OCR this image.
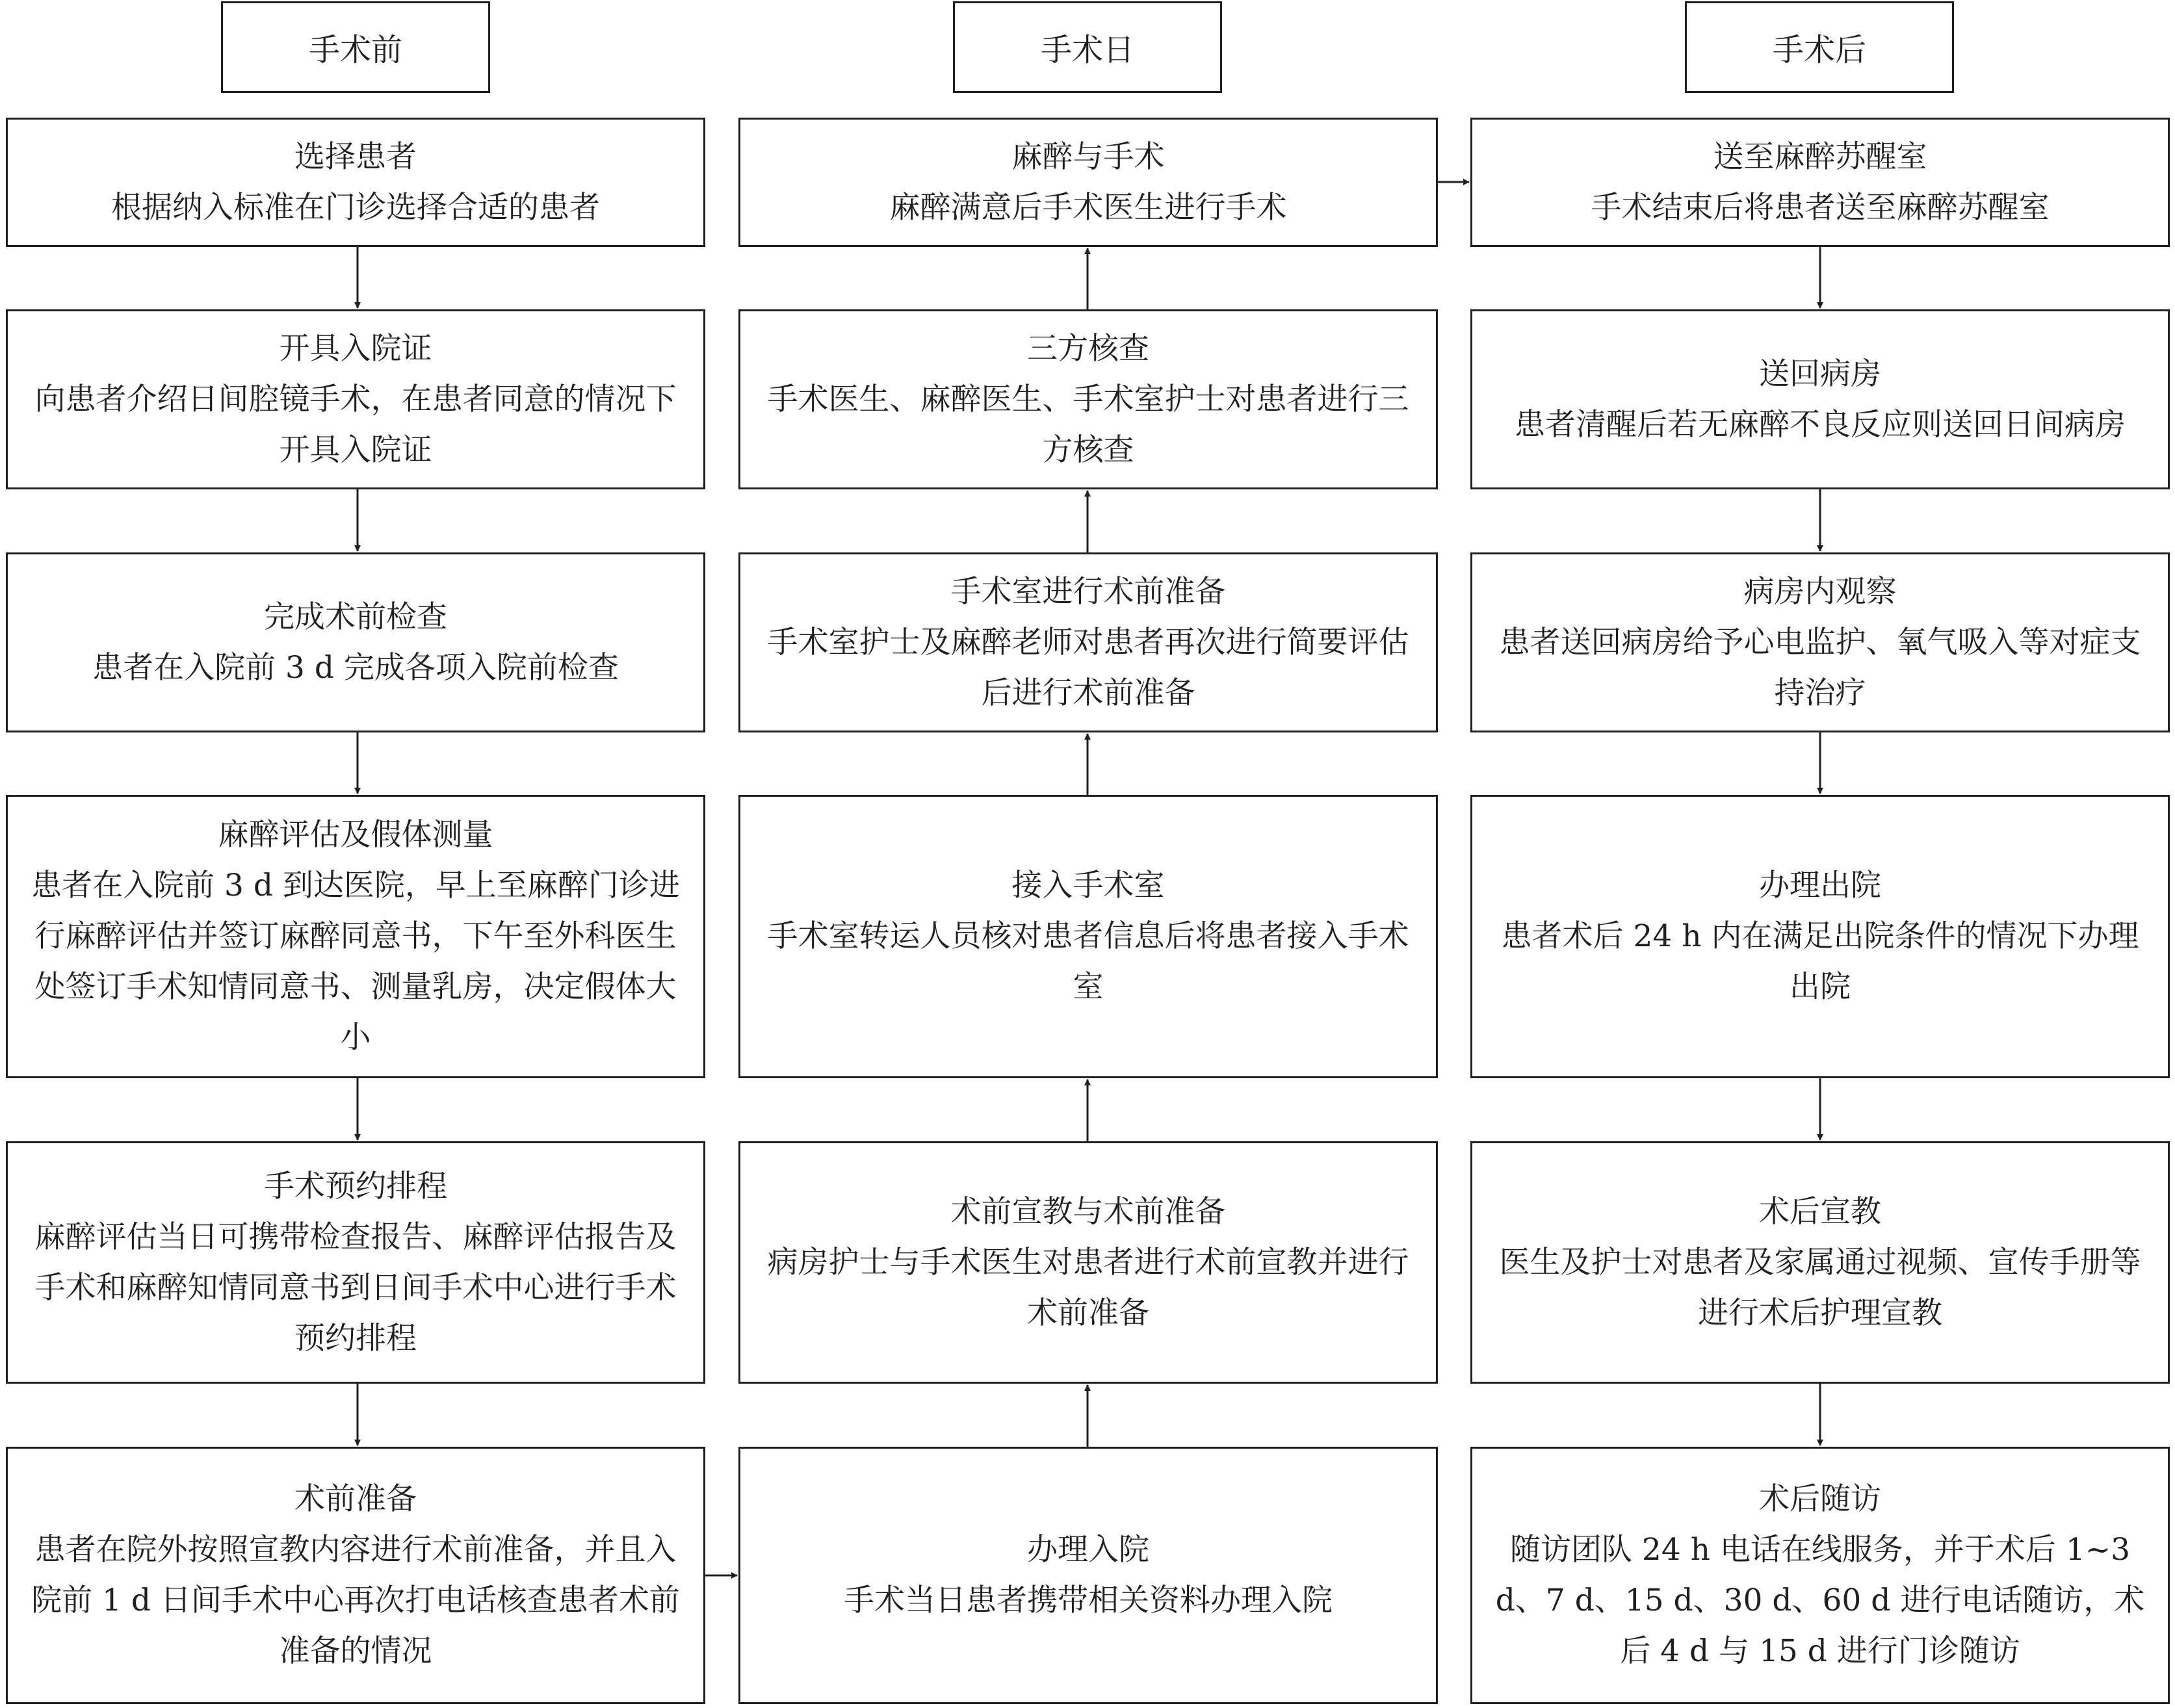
手术前	手术日	手术后
选择患者
根据纳入标准在门诊选择合适的患者
开具入院证
向患者介绍日间腔镜手术，在患者同意的情况下开具入院证
完成术前检查
患者在入院前 3 d 完成各项入院前检查
麻醉评估及假体测量
患者在入院前 3 d 到达医院，早上至麻醉门诊进行麻醉评估并签订麻醉同意书，下午至外科医生处签订手术知情同意书、测量乳房，决定假体大小
手术预约排程
麻醉评估当日可携带检查报告、麻醉评估报告及手术和麻醉知情同意书到日间手术中心进行手术预约排程
术前准备
患者在院外按照宣教内容进行术前准备，并且入院前 1 d 日间手术中心再次打电话核查患者术前准备的情况
麻醉与手术
麻醉满意后手术医生进行手术
三方核查
手术医生、麻醉医生、手术室护士对患者进行三方核查
手术室进行术前准备
手术室护士及麻醉老师对患者再次进行简要评估后进行术前准备
接入手术室
手术室转运人员核对患者信息后将患者接入手术室
术前宣教与术前准备
病房护士与手术医生对患者进行术前宣教并进行术前准备
办理入院
手术当日患者携带相关资料办理入院
送至麻醉苏醒室
手术结束后将患者送至麻醉苏醒室
送回病房
患者清醒后若无麻醉不良反应则送回日间病房
病房内观察
患者送回病房给予心电监护、氧气吸入等对症支持治疗
办理出院
患者术后 24 h 内在满足出院条件的情况下办理出院
术后宣教
医生及护士对患者及家属通过视频、宣传手册等进行术后护理宣教
术后随访
随访团队 24 h 电话在线服务，并于术后 1~3 d、7 d、15 d、30 d、60 d 进行电话随访，术后 4 d 与 15 d 进行门诊随访
